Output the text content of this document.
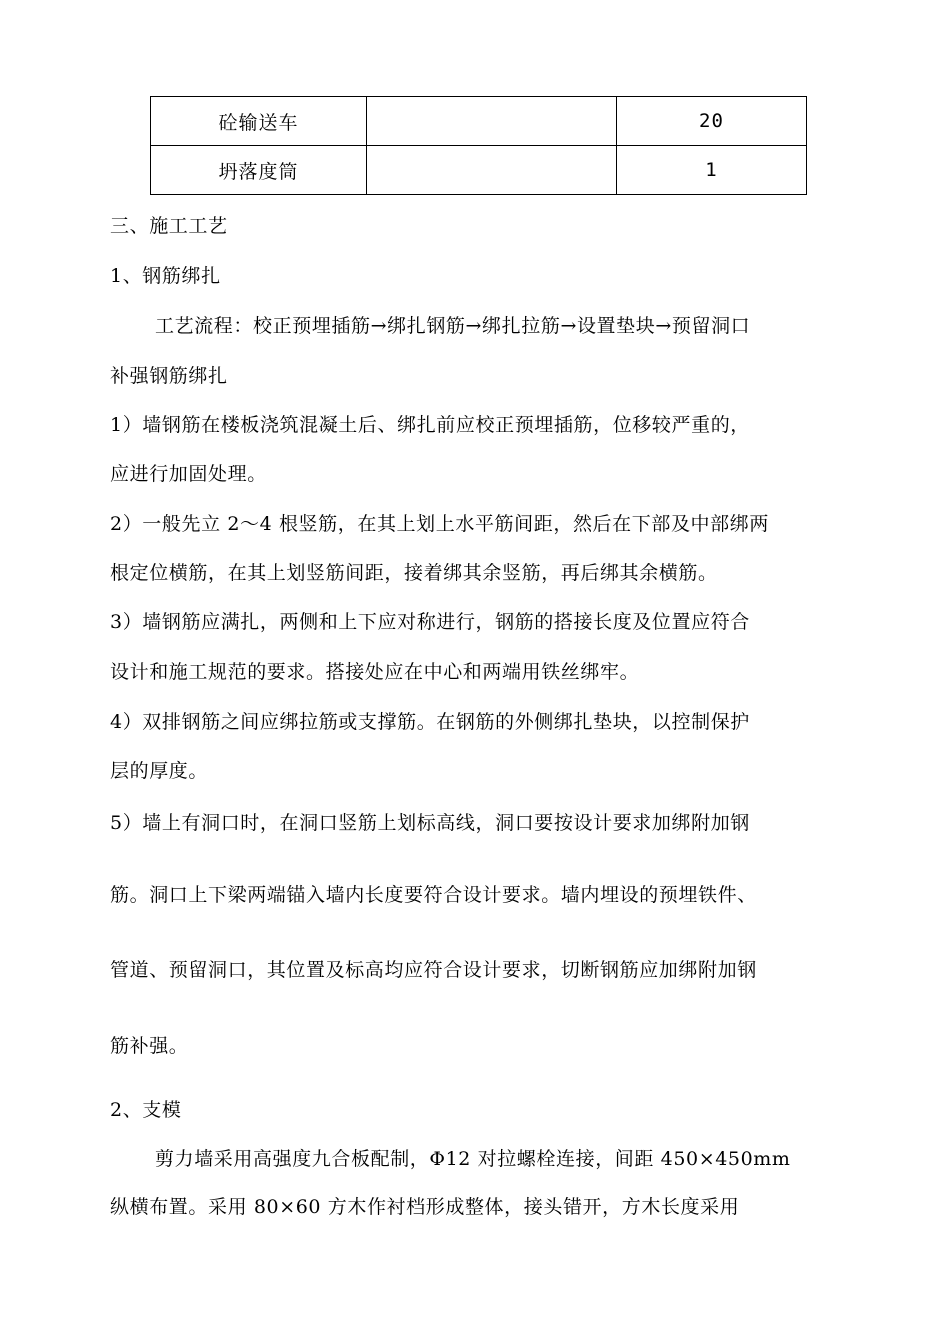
砼输送车		20
坍落度筒		1
三、施工工艺
1、钢筋绑扎
工艺流程：校正预埋插筋→绑扎钢筋→绑扎拉筋→设置垫块→预留洞口
补强钢筋绑扎
1）墙钢筋在楼板浇筑混凝土后、绑扎前应校正预埋插筋，位移较严重的，
应进行加固处理。
2）一般先立 2～4 根竖筋，在其上划上水平筋间距，然后在下部及中部绑两
根定位横筋，在其上划竖筋间距，接着绑其余竖筋，再后绑其余横筋。
3）墙钢筋应满扎，两侧和上下应对称进行，钢筋的搭接长度及位置应符合
设计和施工规范的要求。搭接处应在中心和两端用铁丝绑牢。
4）双排钢筋之间应绑拉筋或支撑筋。在钢筋的外侧绑扎垫块，以控制保护
层的厚度。
5）墙上有洞口时，在洞口竖筋上划标高线，洞口要按设计要求加绑附加钢
筋。洞口上下梁两端锚入墙内长度要符合设计要求。墙内埋设的预埋铁件、
管道、预留洞口，其位置及标高均应符合设计要求，切断钢筋应加绑附加钢
筋补强。
2、支模
剪力墙采用高强度九合板配制，Φ12 对拉螺栓连接，间距 450×450mm
纵横布置。采用 80×60 方木作衬档形成整体，接头错开，方木长度采用
